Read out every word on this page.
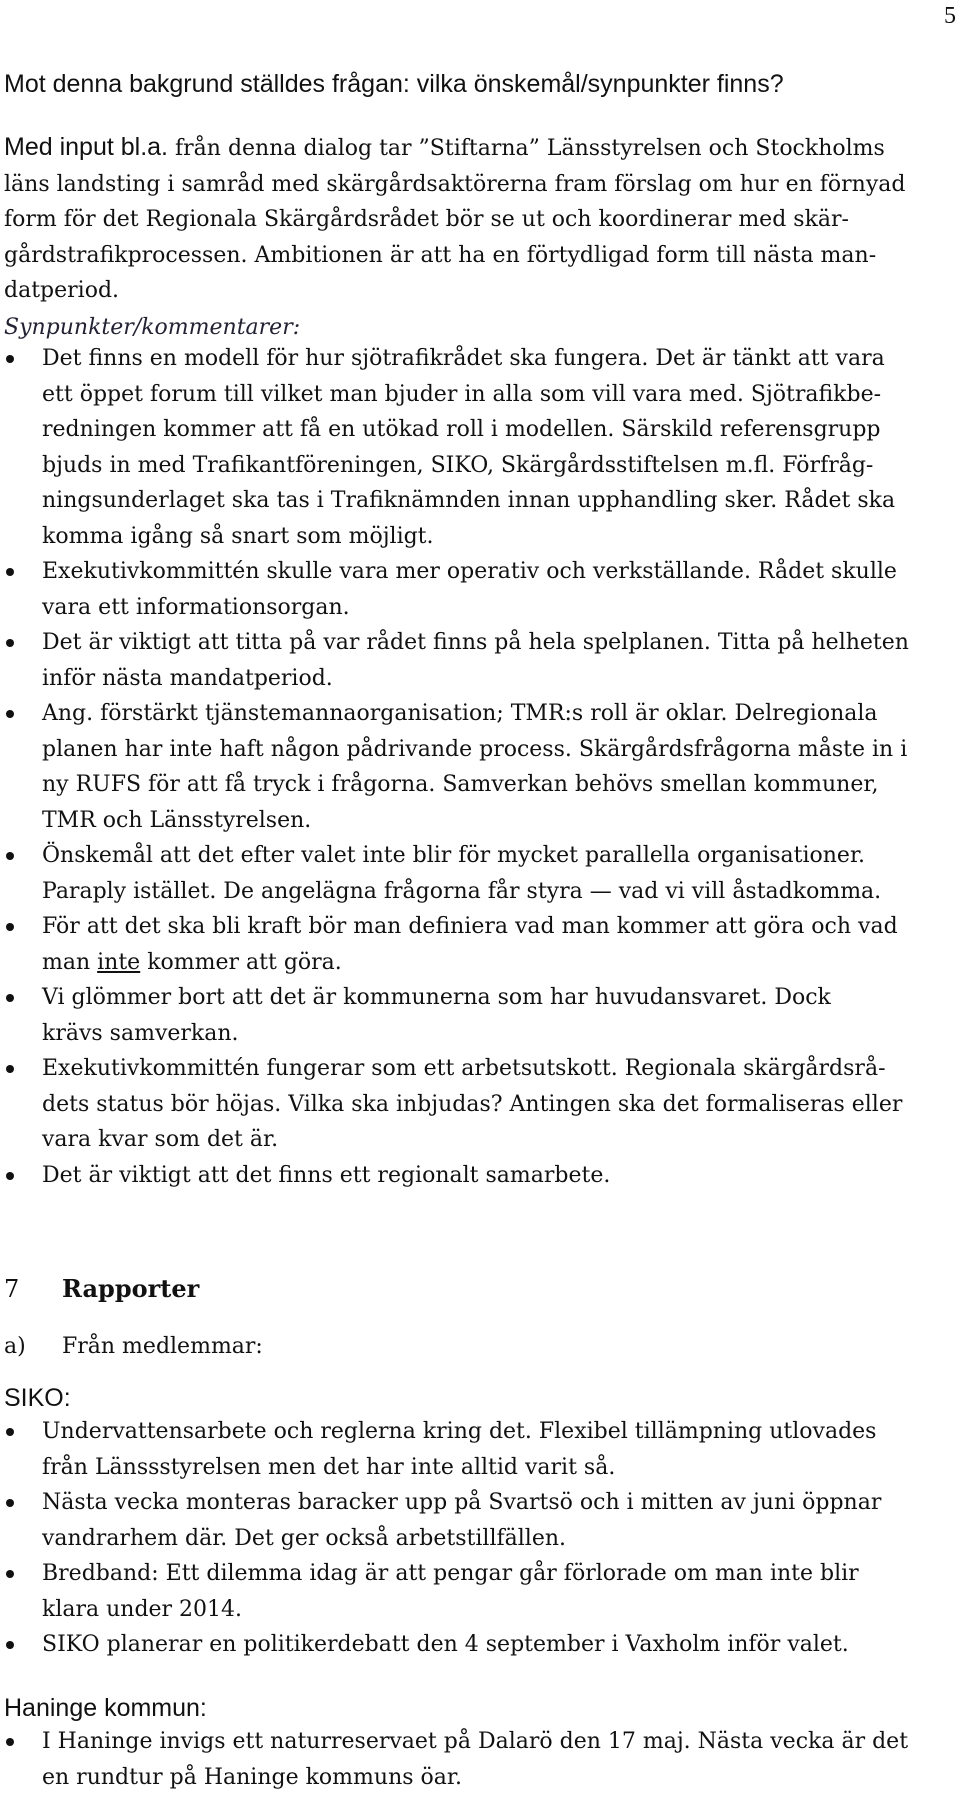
5
Mot denna bakgrund ställdes frågan: vilka önskemål/synpunkter finns?
Med input bl.a. från denna dialog tar ”Stiftarna” Länsstyrelsen och Stockholms
läns landsting i samråd med skärgårdsaktörerna fram förslag om hur en förnyad
form för det Regionala Skärgårdsrådet bör se ut och koordinerar med skär-
gårdstrafikprocessen. Ambitionen är att ha en förtydligad form till nästa man-
datperiod.
Synpunkter/kommentarer:
Det finns en modell för hur sjötrafikrådet ska fungera. Det är tänkt att vara
ett öppet forum till vilket man bjuder in alla som vill vara med. Sjötrafikbe-
redningen kommer att få en utökad roll i modellen. Särskild referensgrupp
bjuds in med Trafikantföreningen, SIKO, Skärgårdsstiftelsen m.fl. Förfråg-
ningsunderlaget ska tas i Trafiknämnden innan upphandling sker. Rådet ska
komma igång så snart som möjligt.
Exekutivkommittén skulle vara mer operativ och verkställande. Rådet skulle
vara ett informationsorgan.
Det är viktigt att titta på var rådet finns på hela spelplanen. Titta på helheten
inför nästa mandatperiod.
Ang. förstärkt tjänstemannaorganisation; TMR:s roll är oklar. Delregionala
planen har inte haft någon pådrivande process. Skärgårdsfrågorna måste in i
ny RUFS för att få tryck i frågorna. Samverkan behövs smellan kommuner,
TMR och Länsstyrelsen.
Önskemål att det efter valet inte blir för mycket parallella organisationer.
Paraply istället. De angelägna frågorna får styra — vad vi vill åstadkomma.
För att det ska bli kraft bör man definiera vad man kommer att göra och vad
man inte kommer att göra.
Vi glömmer bort att det är kommunerna som har huvudansvaret. Dock
krävs samverkan.
Exekutivkommittén fungerar som ett arbetsutskott. Regionala skärgårdsrå-
dets status bör höjas. Vilka ska inbjudas? Antingen ska det formaliseras eller
vara kvar som det är.
Det är viktigt att det finns ett regionalt samarbete.
7 Rapporter
a) Från medlemmar:
SIKO:
Undervattensarbete och reglerna kring det. Flexibel tillämpning utlovades
från Länssstyrelsen men det har inte alltid varit så.
Nästa vecka monteras baracker upp på Svartsö och i mitten av juni öppnar
vandrarhem där. Det ger också arbetstillfällen.
Bredband: Ett dilemma idag är att pengar går förlorade om man inte blir
klara under 2014.
SIKO planerar en politikerdebatt den 4 september i Vaxholm inför valet.
Haninge kommun:
I Haninge invigs ett naturreservaet på Dalarö den 17 maj. Nästa vecka är det
en rundtur på Haninge kommuns öar.
